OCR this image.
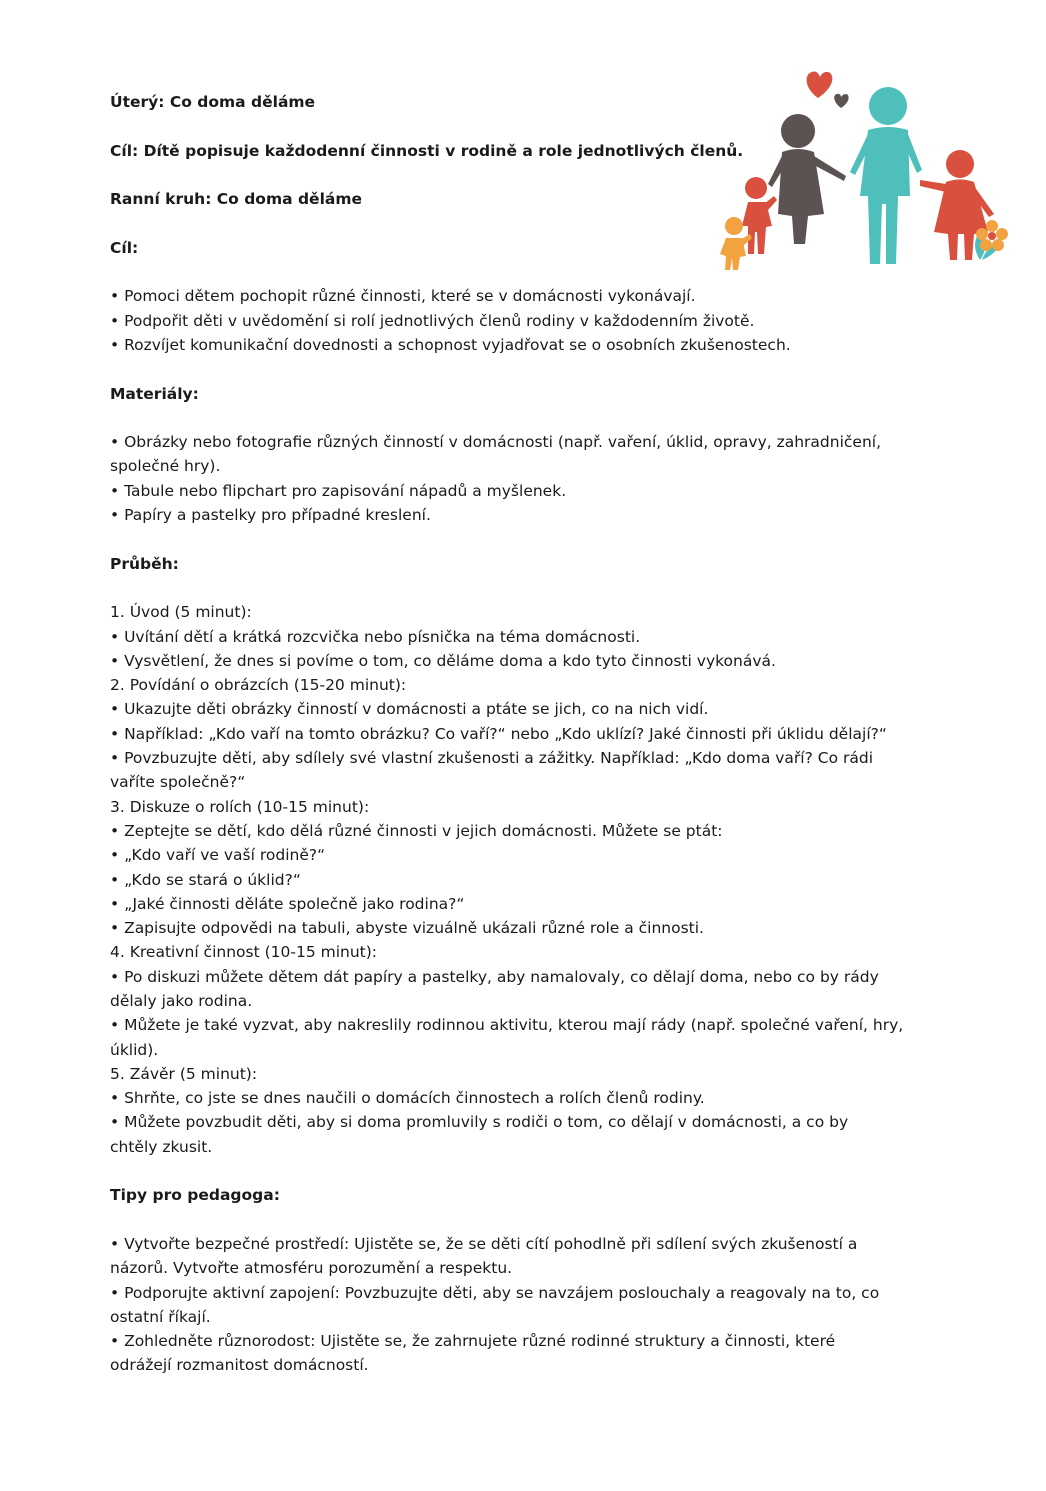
Úterý: Co doma děláme
Cíl: Dítě popisuje každodenní činnosti v rodině a role jednotlivých členů.
Ranní kruh: Co doma děláme
Cíl:
• Pomoci dětem pochopit různé činnosti, které se v domácnosti vykonávají.
• Podpořit děti v uvědomění si rolí jednotlivých členů rodiny v každodenním životě.
• Rozvíjet komunikační dovednosti a schopnost vyjadřovat se o osobních zkušenostech.
Materiály:
• Obrázky nebo fotografie různých činností v domácnosti (např. vaření, úklid, opravy, zahradničení,
společné hry).
• Tabule nebo flipchart pro zapisování nápadů a myšlenek.
• Papíry a pastelky pro případné kreslení.
Průběh:
1. Úvod (5 minut):
• Uvítání dětí a krátká rozcvička nebo písnička na téma domácnosti.
• Vysvětlení, že dnes si povíme o tom, co děláme doma a kdo tyto činnosti vykonává.
2. Povídání o obrázcích (15-20 minut):
• Ukazujte děti obrázky činností v domácnosti a ptáte se jich, co na nich vidí.
• Například: „Kdo vaří na tomto obrázku? Co vaří?“ nebo „Kdo uklízí? Jaké činnosti při úklidu dělají?“
• Povzbuzujte děti, aby sdílely své vlastní zkušenosti a zážitky. Například: „Kdo doma vaří? Co rádi
vaříte společně?“
3. Diskuze o rolích (10-15 minut):
• Zeptejte se dětí, kdo dělá různé činnosti v jejich domácnosti. Můžete se ptát:
• „Kdo vaří ve vaší rodině?“
• „Kdo se stará o úklid?“
• „Jaké činnosti děláte společně jako rodina?“
• Zapisujte odpovědi na tabuli, abyste vizuálně ukázali různé role a činnosti.
4. Kreativní činnost (10-15 minut):
• Po diskuzi můžete dětem dát papíry a pastelky, aby namalovaly, co dělají doma, nebo co by rády
dělaly jako rodina.
• Můžete je také vyzvat, aby nakreslily rodinnou aktivitu, kterou mají rády (např. společné vaření, hry,
úklid).
5. Závěr (5 minut):
• Shrňte, co jste se dnes naučili o domácích činnostech a rolích členů rodiny.
• Můžete povzbudit děti, aby si doma promluvily s rodiči o tom, co dělají v domácnosti, a co by
chtěly zkusit.
Tipy pro pedagoga:
• Vytvořte bezpečné prostředí: Ujistěte se, že se děti cítí pohodlně při sdílení svých zkušeností a
názorů. Vytvořte atmosféru porozumění a respektu.
• Podporujte aktivní zapojení: Povzbuzujte děti, aby se navzájem poslouchaly a reagovaly na to, co
ostatní říkají.
• Zohledněte různorodost: Ujistěte se, že zahrnujete různé rodinné struktury a činnosti, které
odrážejí rozmanitost domácností.
